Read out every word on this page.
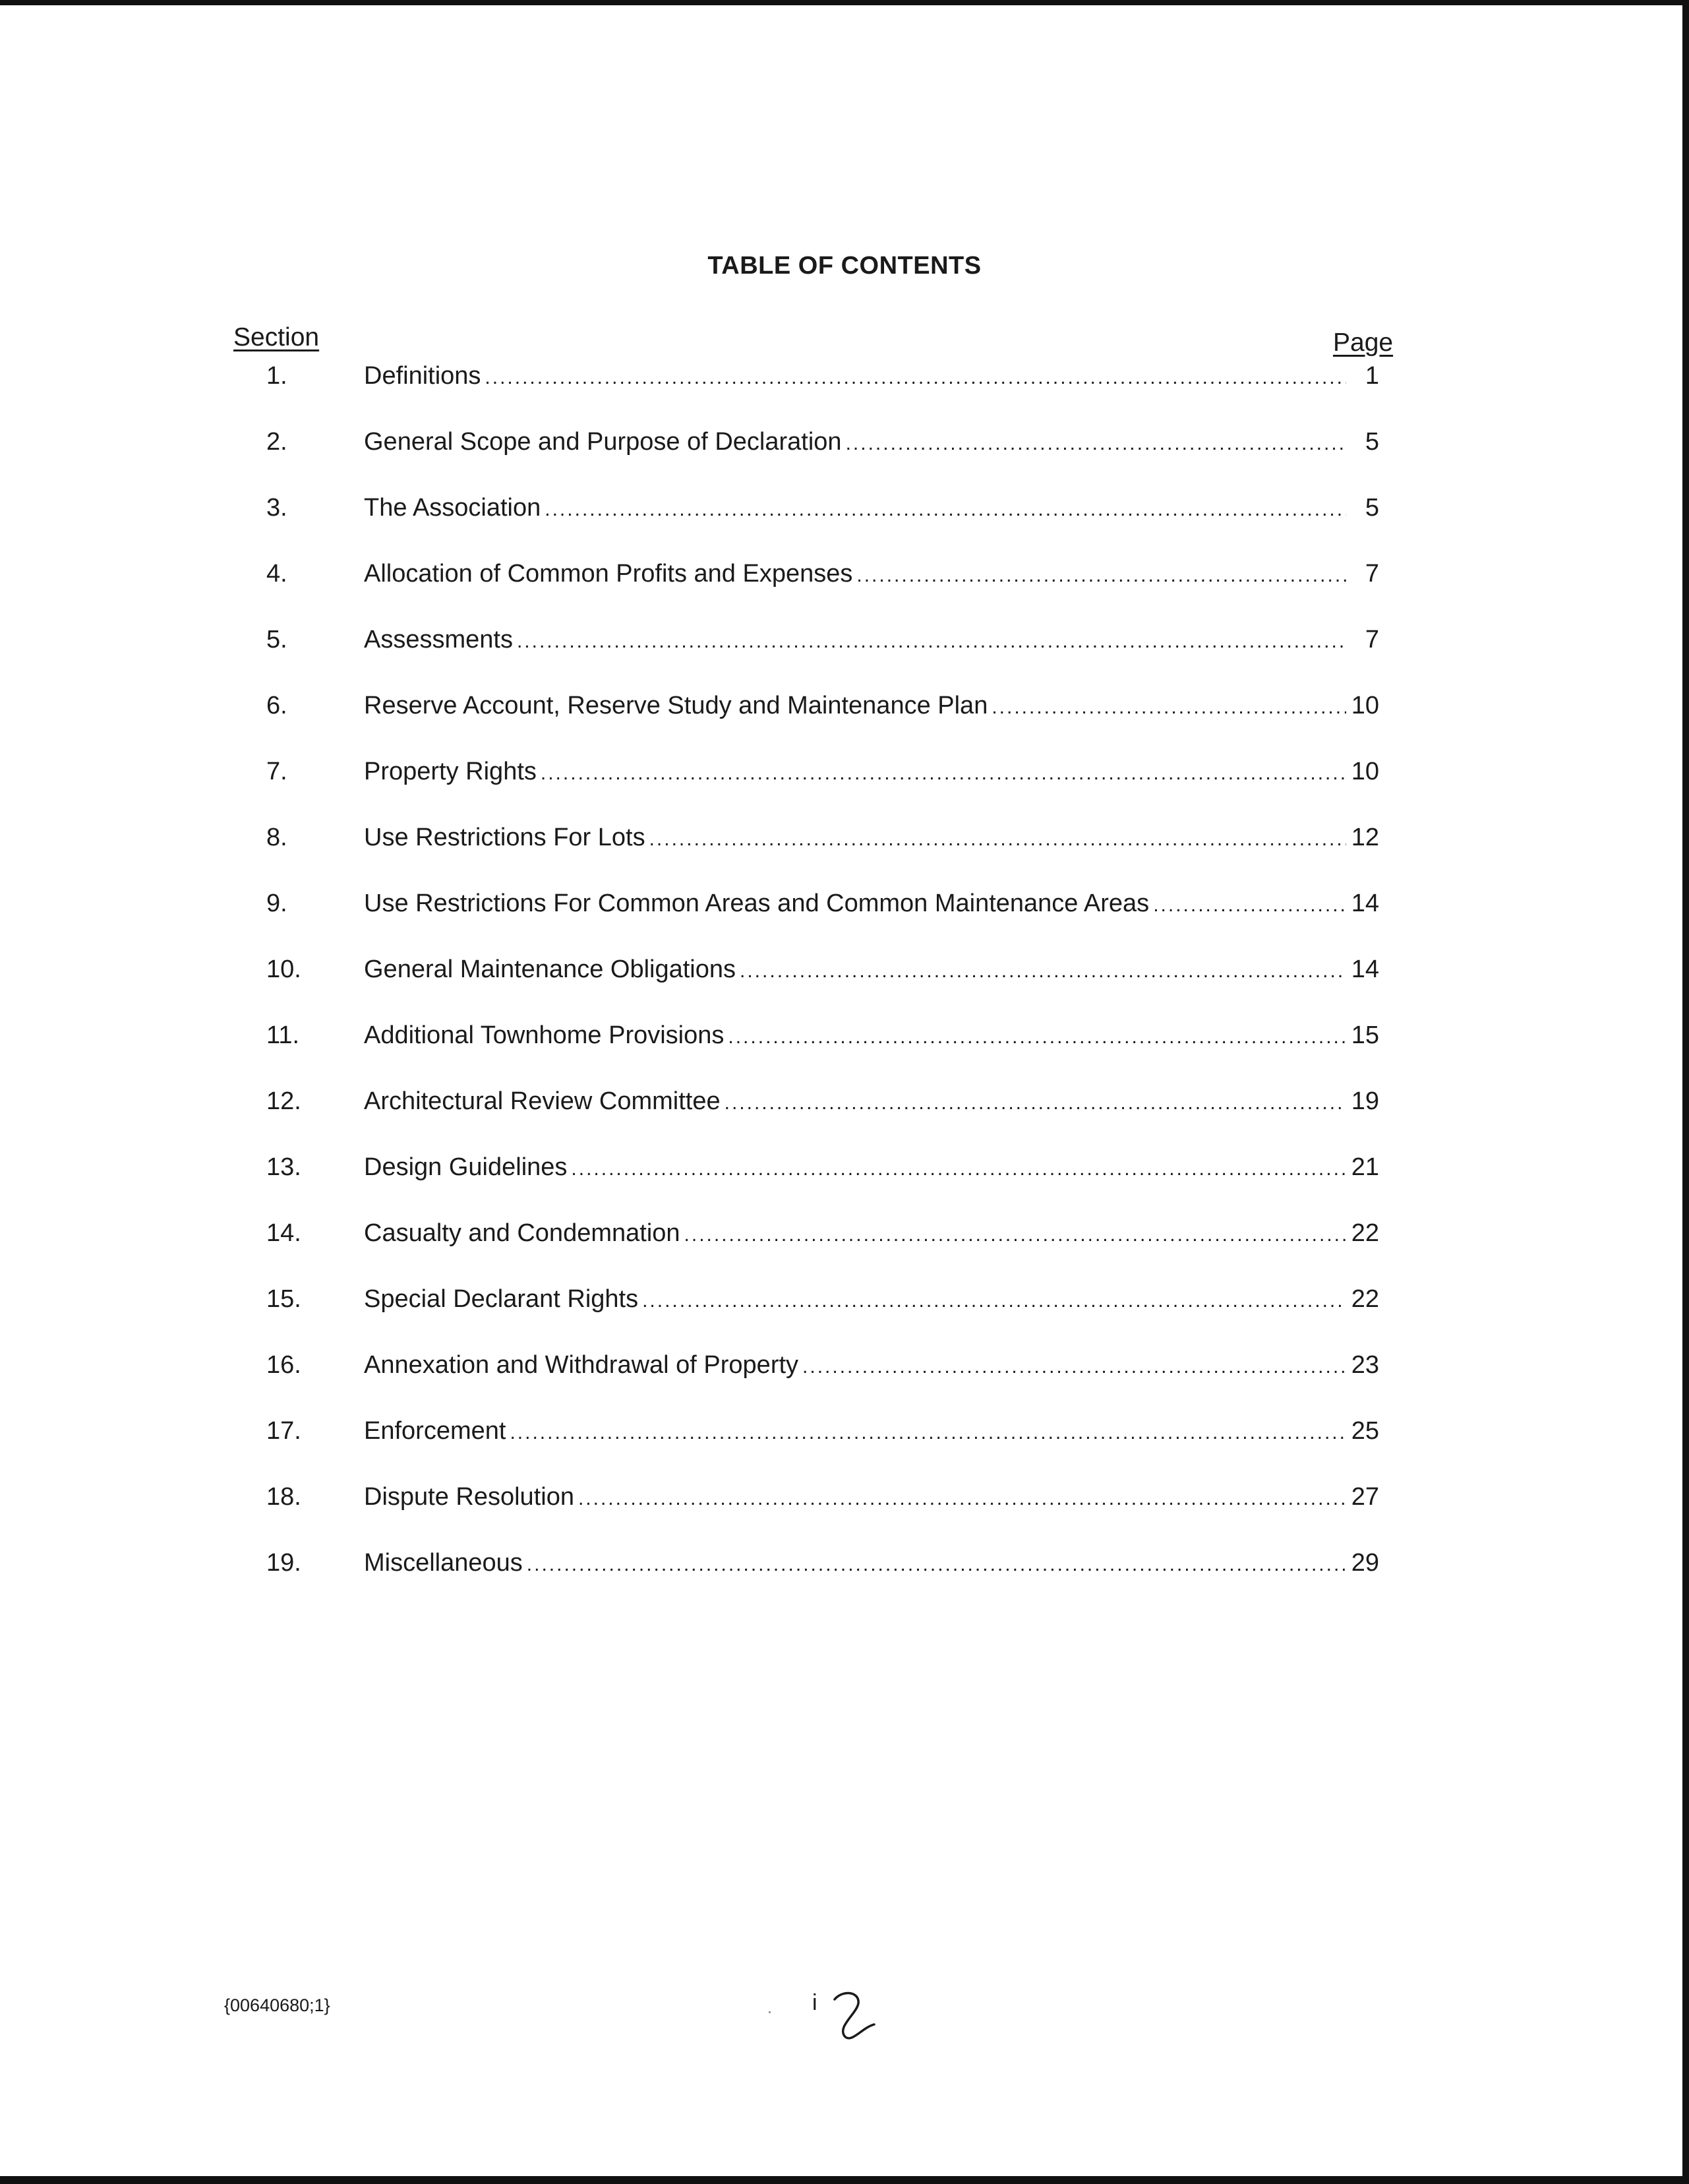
TABLE OF CONTENTS
Section	Page
1.	Definitions .....	1
2.	General Scope and Purpose of Declaration .....	5
3.	The Association .....	5
4.	Allocation of Common Profits and Expenses .....	7
5.	Assessments .....	7
6.	Reserve Account, Reserve Study and Maintenance Plan .....	10
7.	Property Rights .....	10
8.	Use Restrictions For Lots .....	12
9.	Use Restrictions For Common Areas and Common Maintenance Areas .....	14
10.	General Maintenance Obligations .....	14
11.	Additional Townhome Provisions .....	15
12.	Architectural Review Committee .....	19
13.	Design Guidelines .....	21
14.	Casualty and Condemnation .....	22
15.	Special Declarant Rights .....	22
16.	Annexation and Withdrawal of Property .....	23
17.	Enforcement .....	25
18.	Dispute Resolution .....	27
19.	Miscellaneous .....	29
{00640680;1}	i
